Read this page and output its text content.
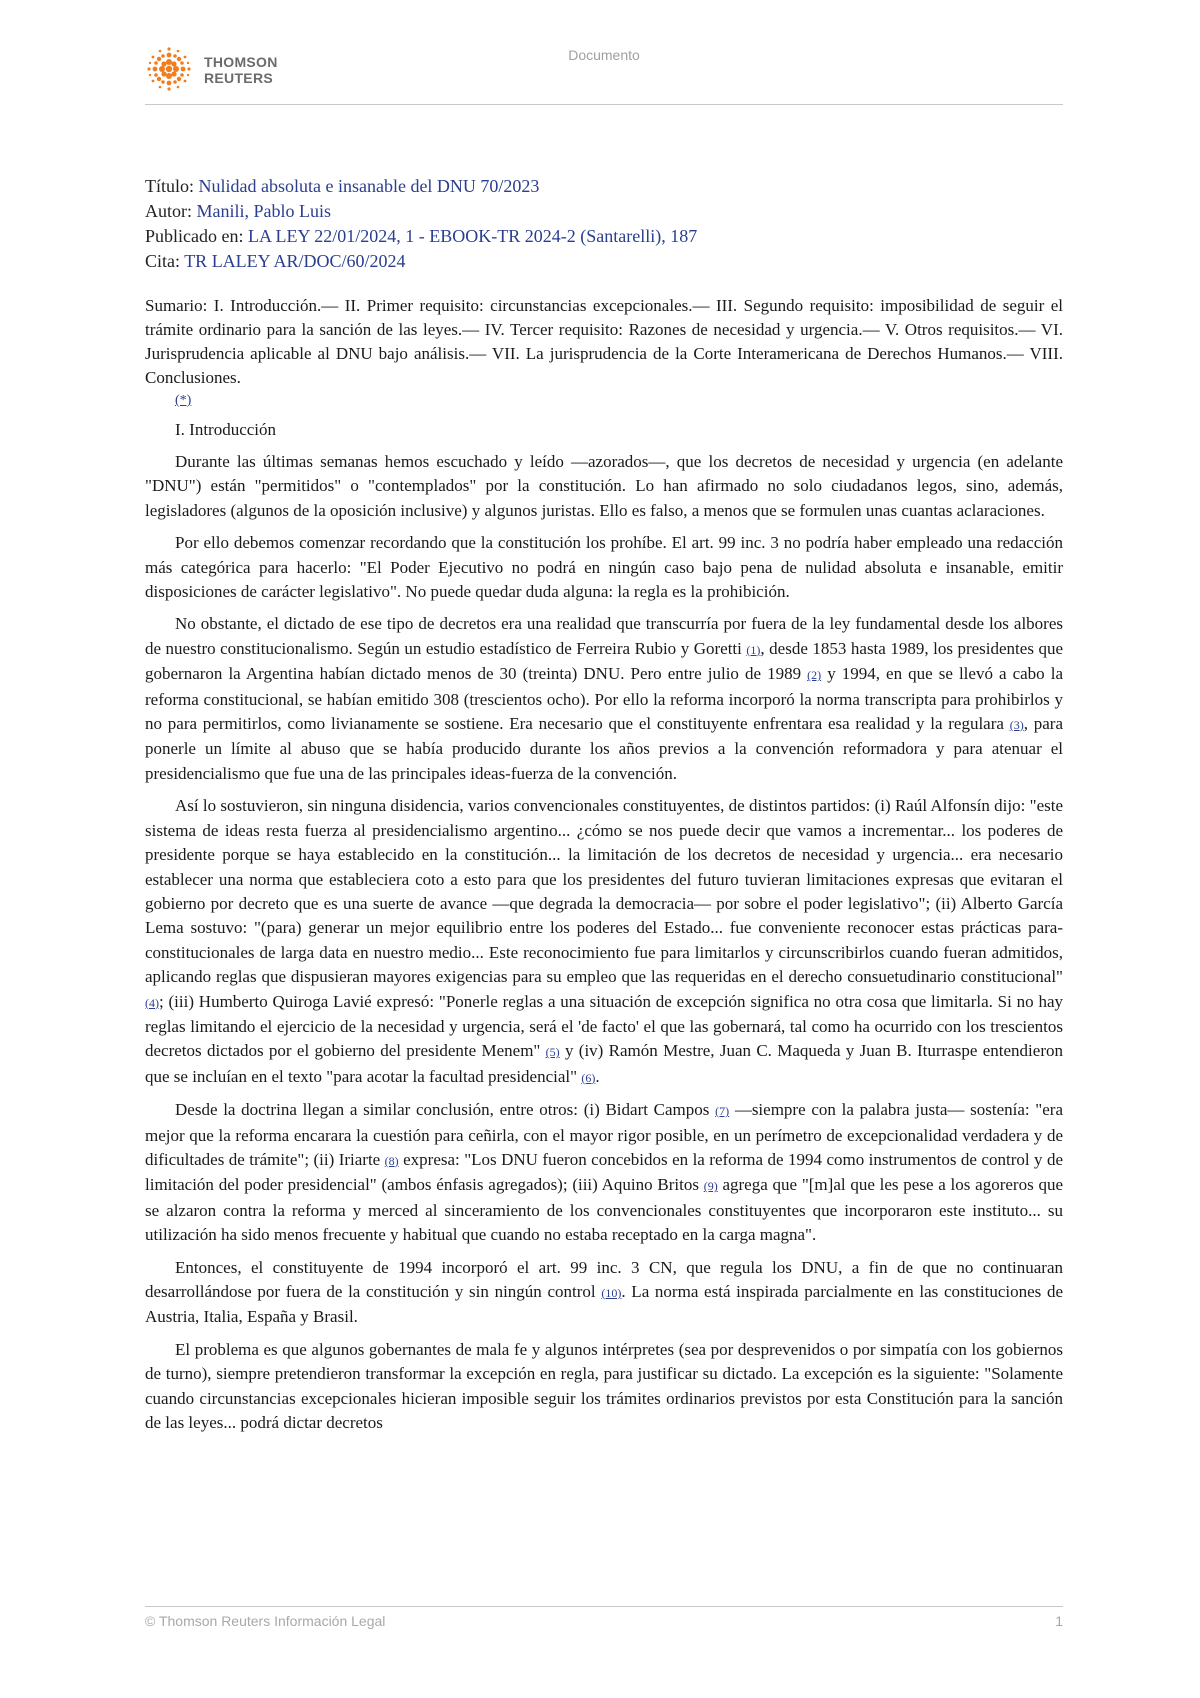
THOMSON
REUTERS
Documento
Título: Nulidad absoluta e insanable del DNU 70/2023
Autor: Manili, Pablo Luis
Publicado en: LA LEY 22/01/2024, 1 - EBOOK-TR 2024-2 (Santarelli), 187
Cita: TR LALEY AR/DOC/60/2024
Sumario: I. Introducción.— II. Primer requisito: circunstancias excepcionales.— III. Segundo requisito: imposibilidad de seguir el trámite ordinario para la sanción de las leyes.— IV. Tercer requisito: Razones de necesidad y urgencia.— V. Otros requisitos.— VI. Jurisprudencia aplicable al DNU bajo análisis.— VII. La jurisprudencia de la Corte Interamericana de Derechos Humanos.— VIII. Conclusiones.
(*)
I. Introducción

Durante las últimas semanas hemos escuchado y leído —azorados—, que los decretos de necesidad y urgencia (en adelante "DNU") están "permitidos" o "contemplados" por la constitución. Lo han afirmado no solo ciudadanos legos, sino, además, legisladores (algunos de la oposición inclusive) y algunos juristas. Ello es falso, a menos que se formulen unas cuantas aclaraciones.

Por ello debemos comenzar recordando que la constitución los prohíbe. El art. 99 inc. 3 no podría haber empleado una redacción más categórica para hacerlo: "El Poder Ejecutivo no podrá en ningún caso bajo pena de nulidad absoluta e insanable, emitir disposiciones de carácter legislativo". No puede quedar duda alguna: la regla es la prohibición.

No obstante, el dictado de ese tipo de decretos era una realidad que transcurría por fuera de la ley fundamental desde los albores de nuestro constitucionalismo. Según un estudio estadístico de Ferreira Rubio y Goretti (1), desde 1853 hasta 1989, los presidentes que gobernaron la Argentina habían dictado menos de 30 (treinta) DNU. Pero entre julio de 1989 (2) y 1994, en que se llevó a cabo la reforma constitucional, se habían emitido 308 (trescientos ocho). Por ello la reforma incorporó la norma transcripta para prohibirlos y no para permitirlos, como livianamente se sostiene. Era necesario que el constituyente enfrentara esa realidad y la regulara (3), para ponerle un límite al abuso que se había producido durante los años previos a la convención reformadora y para atenuar el presidencialismo que fue una de las principales ideas-fuerza de la convención.

Así lo sostuvieron, sin ninguna disidencia, varios convencionales constituyentes, de distintos partidos: (i) Raúl Alfonsín dijo: "este sistema de ideas resta fuerza al presidencialismo argentino... ¿cómo se nos puede decir que vamos a incrementar... los poderes de presidente porque se haya establecido en la constitución... la limitación de los decretos de necesidad y urgencia... era necesario establecer una norma que estableciera coto a esto para que los presidentes del futuro tuvieran limitaciones expresas que evitaran el gobierno por decreto que es una suerte de avance —que degrada la democracia— por sobre el poder legislativo"; (ii) Alberto García Lema sostuvo: "(para) generar un mejor equilibrio entre los poderes del Estado... fue conveniente reconocer estas prácticas para-constitucionales de larga data en nuestro medio... Este reconocimiento fue para limitarlos y circunscribirlos cuando fueran admitidos, aplicando reglas que dispusieran mayores exigencias para su empleo que las requeridas en el derecho consuetudinario constitucional" (4); (iii) Humberto Quiroga Lavié expresó: "Ponerle reglas a una situación de excepción significa no otra cosa que limitarla. Si no hay reglas limitando el ejercicio de la necesidad y urgencia, será el 'de facto' el que las gobernará, tal como ha ocurrido con los trescientos decretos dictados por el gobierno del presidente Menem" (5) y (iv) Ramón Mestre, Juan C. Maqueda y Juan B. Iturraspe entendieron que se incluían en el texto "para acotar la facultad presidencial" (6).

Desde la doctrina llegan a similar conclusión, entre otros: (i) Bidart Campos (7) —siempre con la palabra justa— sostenía: "era mejor que la reforma encarara la cuestión para ceñirla, con el mayor rigor posible, en un perímetro de excepcionalidad verdadera y de dificultades de trámite"; (ii) Iriarte (8) expresa: "Los DNU fueron concebidos en la reforma de 1994 como instrumentos de control y de limitación del poder presidencial" (ambos énfasis agregados); (iii) Aquino Britos (9) agrega que "[m]al que les pese a los agoreros que se alzaron contra la reforma y merced al sinceramiento de los convencionales constituyentes que incorporaron este instituto... su utilización ha sido menos frecuente y habitual que cuando no estaba receptado en la carga magna".

Entonces, el constituyente de 1994 incorporó el art. 99 inc. 3 CN, que regula los DNU, a fin de que no continuaran desarrollándose por fuera de la constitución y sin ningún control (10). La norma está inspirada parcialmente en las constituciones de Austria, Italia, España y Brasil.

El problema es que algunos gobernantes de mala fe y algunos intérpretes (sea por desprevenidos o por simpatía con los gobiernos de turno), siempre pretendieron transformar la excepción en regla, para justificar su dictado. La excepción es la siguiente: "Solamente cuando circunstancias excepcionales hicieran imposible seguir los trámites ordinarios previstos por esta Constitución para la sanción de las leyes... podrá dictar decretos

© Thomson Reuters Información Legal	1
